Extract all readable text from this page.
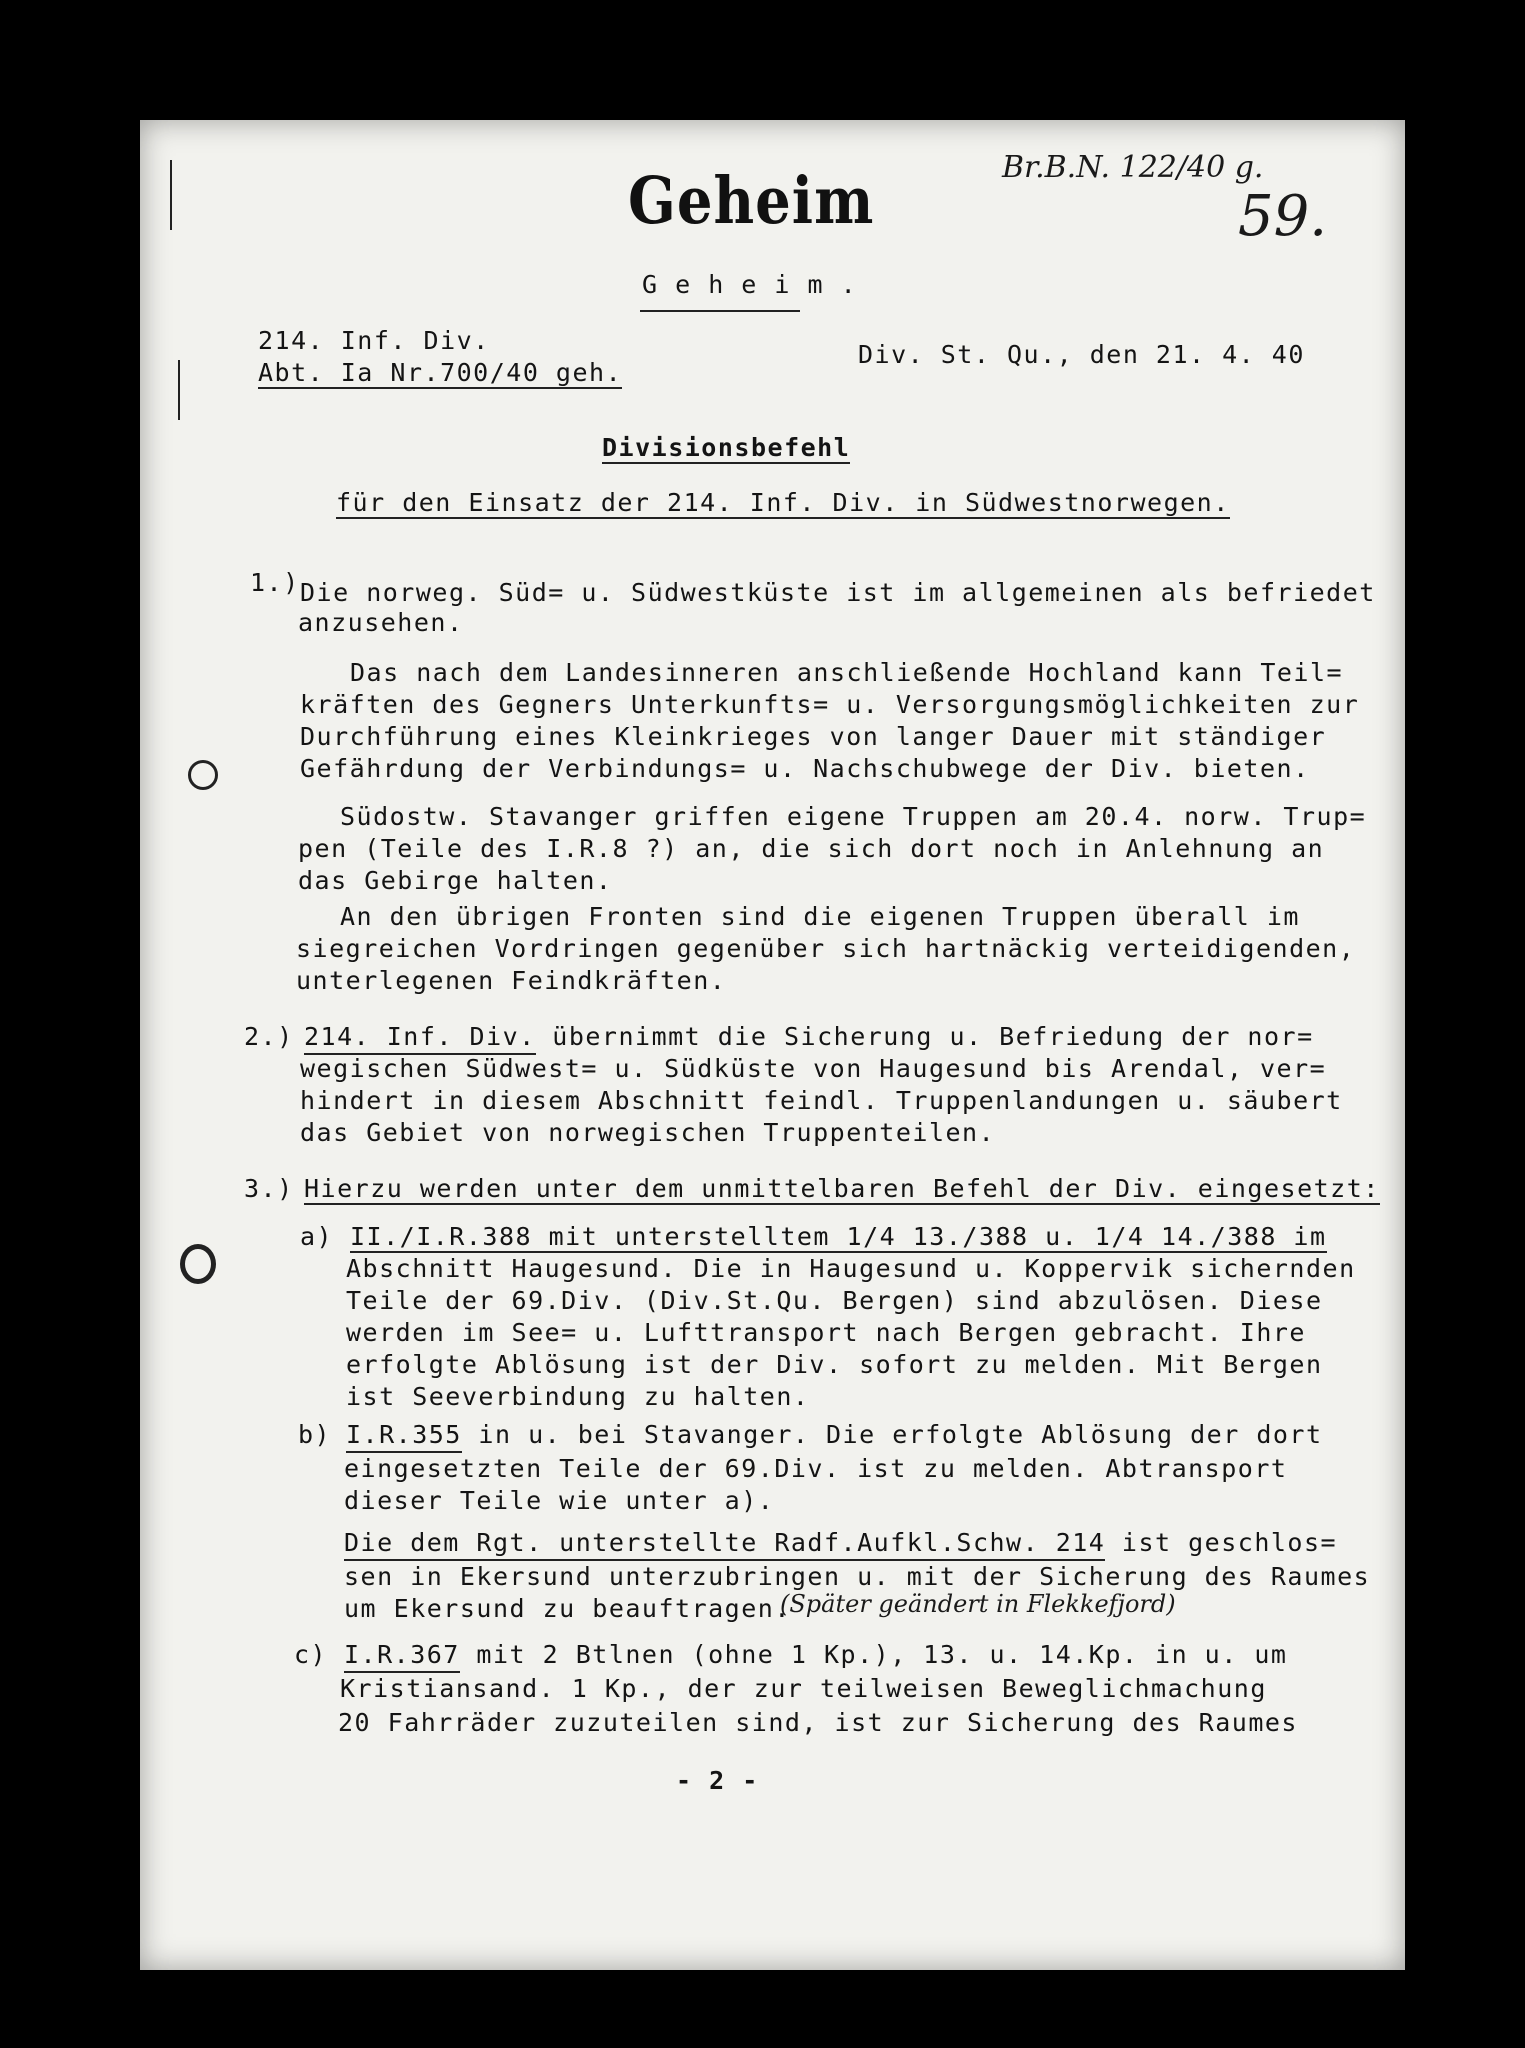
Geheim	Br.B.N. 122/40 g.
59.
G e h e i m .
214. Inf. Div.
Abt. Ia Nr.700/40 geh.
Div. St. Qu., den 21. 4. 40
Divisionsbefehl
für den Einsatz der 214. Inf. Div. in Südwestnorwegen.
1.) Die norweg. Süd= u. Südwestküste ist im allgemeinen als befriedet
anzusehen.
Das nach dem Landesinneren anschließende Hochland kann Teil=
kräften des Gegners Unterkunfts= u. Versorgungsmöglichkeiten zur
Durchführung eines Kleinkrieges von langer Dauer mit ständiger
Gefährdung der Verbindungs= u. Nachschubwege der Div. bieten.
Südostw. Stavanger griffen eigene Truppen am 20.4. norw. Trup=
pen (Teile des I.R.8 ?) an, die sich dort noch in Anlehnung an
das Gebirge halten.
An den übrigen Fronten sind die eigenen Truppen überall im
siegreichen Vordringen gegenüber sich hartnäckig verteidigenden,
unterlegenen Feindkräften.
2.) 214. Inf. Div. übernimmt die Sicherung u. Befriedung der nor=
wegischen Südwest= u. Südküste von Haugesund bis Arendal, ver=
hindert in diesem Abschnitt feindl. Truppenlandungen u. säubert
das Gebiet von norwegischen Truppenteilen.
3.) Hierzu werden unter dem unmittelbaren Befehl der Div. eingesetzt:
a) II./I.R.388 mit unterstelltem 1/4 13./388 u. 1/4 14./388 im
Abschnitt Haugesund. Die in Haugesund u. Koppervik sichernden
Teile der 69.Div. (Div.St.Qu. Bergen) sind abzulösen. Diese
werden im See= u. Lufttransport nach Bergen gebracht. Ihre
erfolgte Ablösung ist der Div. sofort zu melden. Mit Bergen
ist Seeverbindung zu halten.
b) I.R.355 in u. bei Stavanger. Die erfolgte Ablösung der dort
eingesetzten Teile der 69.Div. ist zu melden. Abtransport
dieser Teile wie unter a).
Die dem Rgt. unterstellte Radf.Aufkl.Schw. 214 ist geschlos=
sen in Ekersund unterzubringen u. mit der Sicherung des Raumes
um Ekersund zu beauftragen.
(Später geändert in Flekkefjord)
c) I.R.367 mit 2 Btlnen (ohne 1 Kp.), 13. u. 14.Kp. in u. um
Kristiansand. 1 Kp., der zur teilweisen Beweglichmachung
20 Fahrräder zuzuteilen sind, ist zur Sicherung des Raumes
- 2 -
